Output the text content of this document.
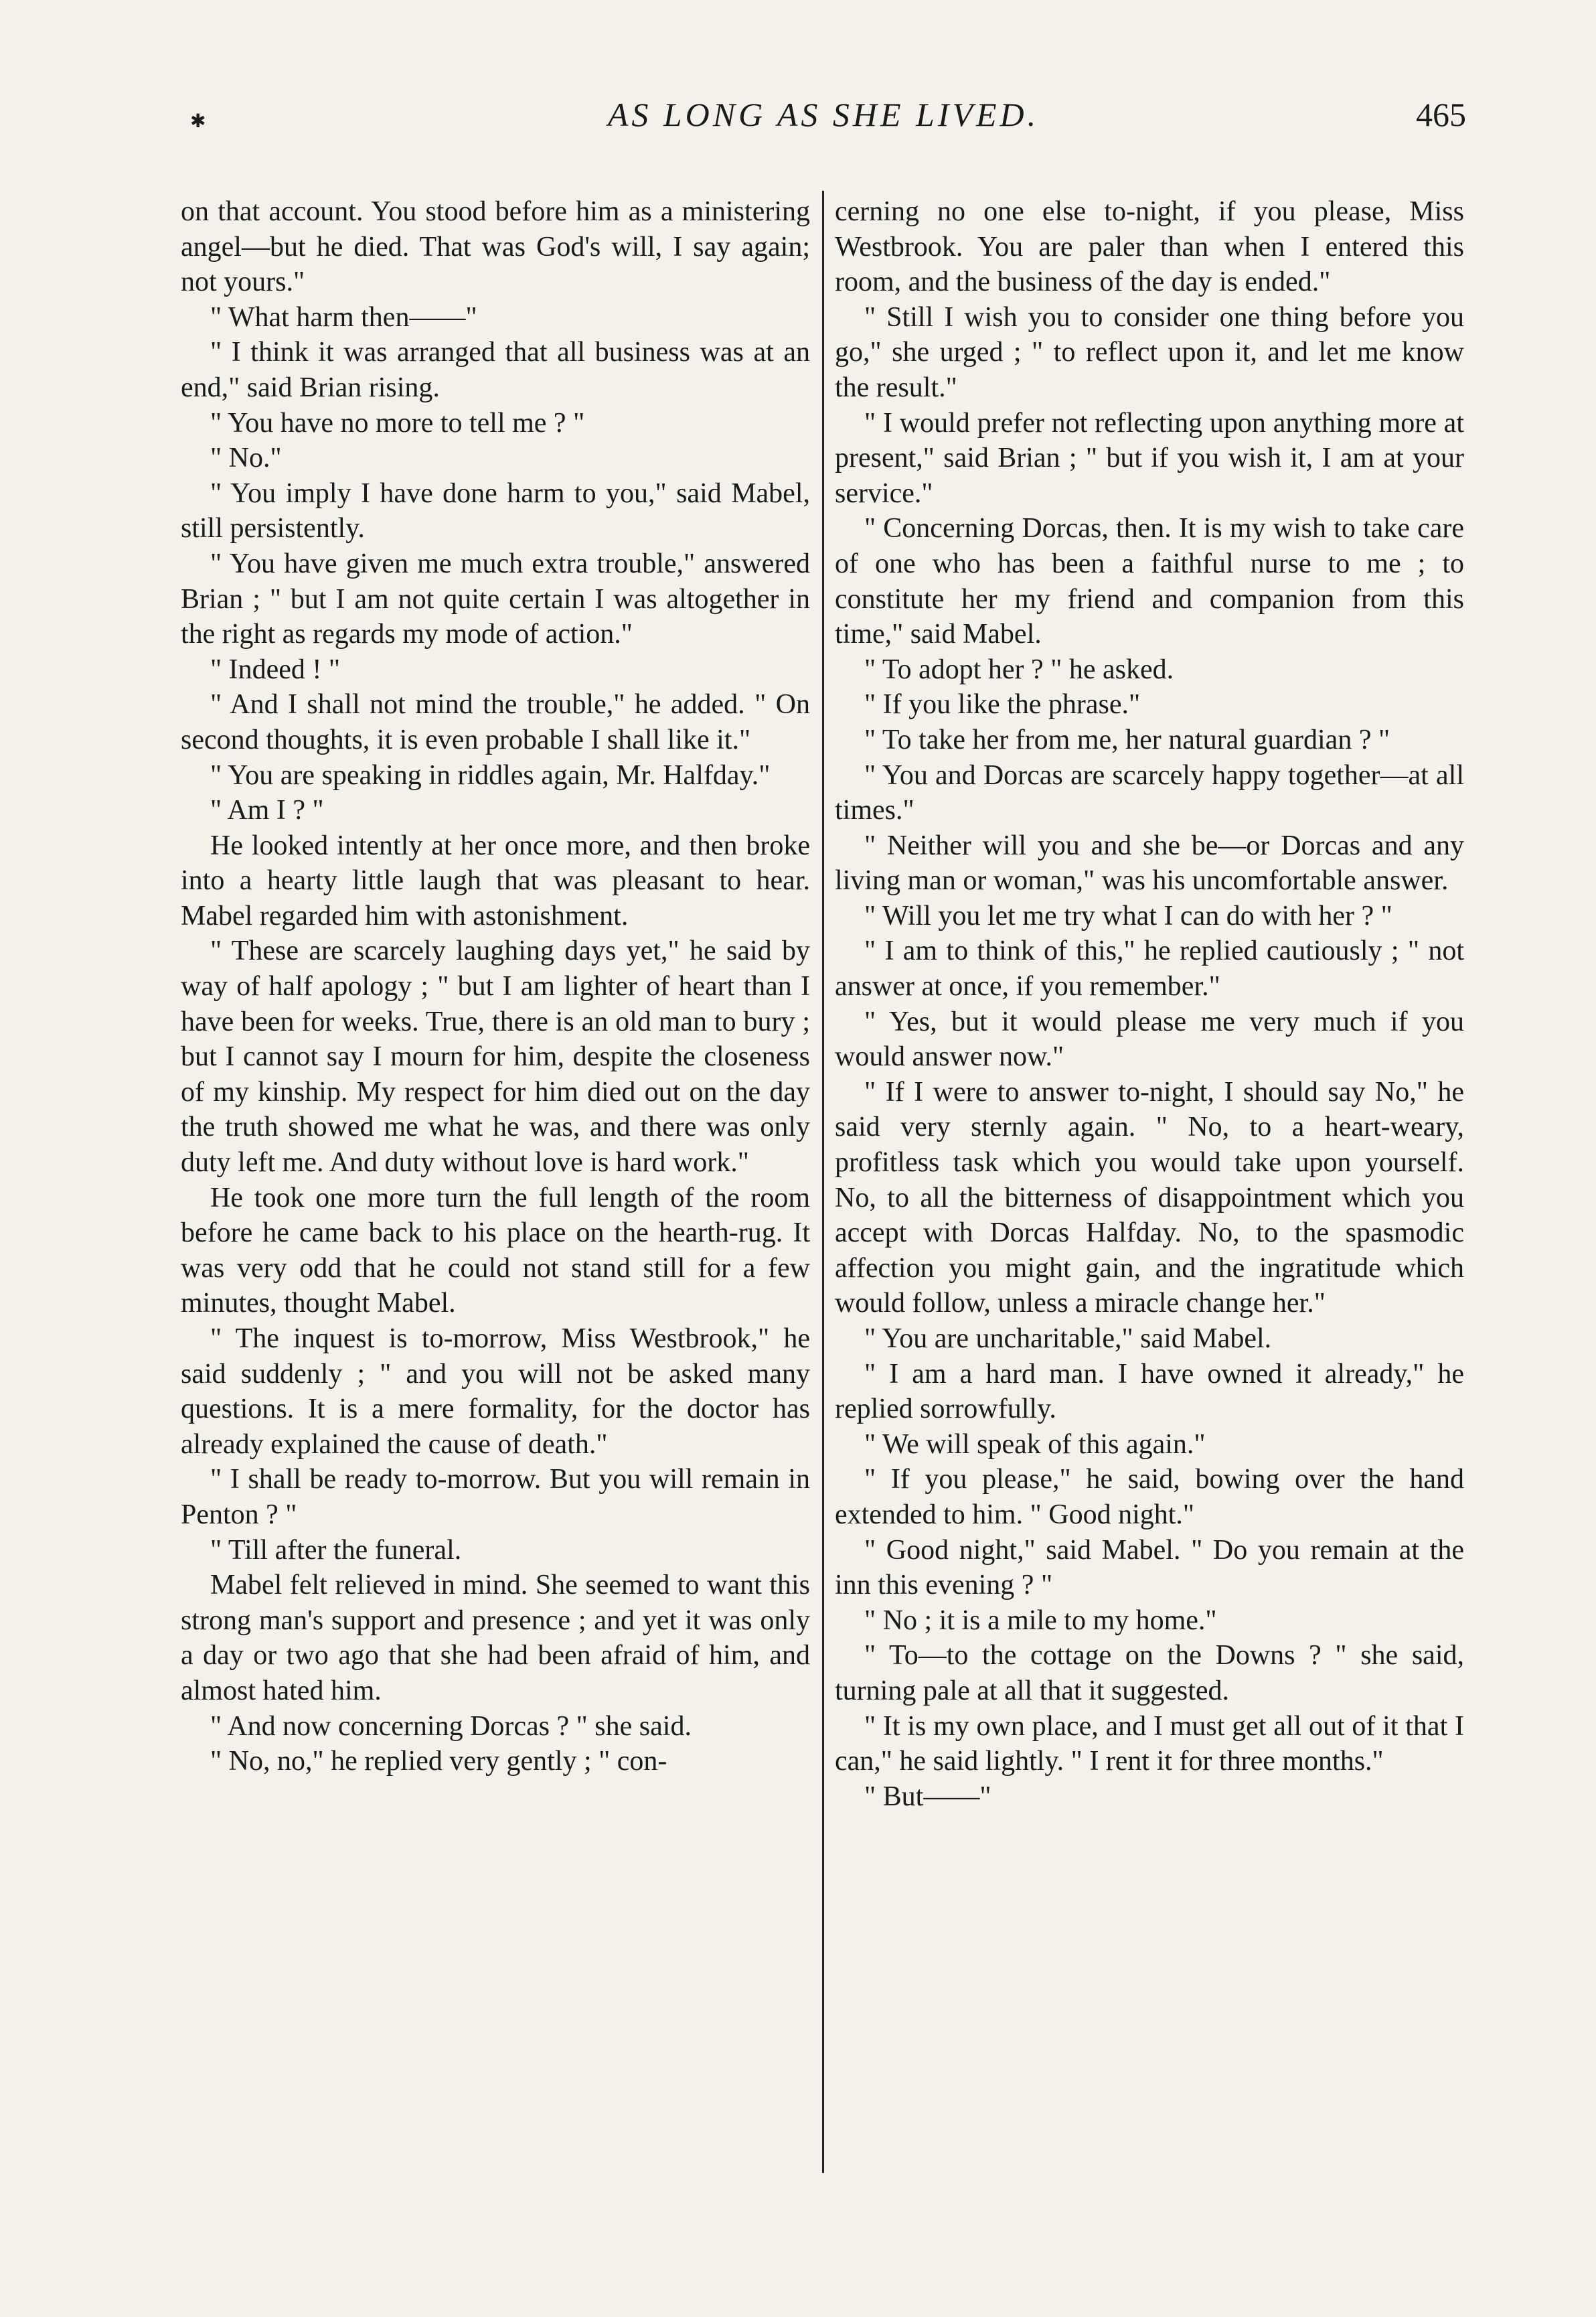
✱	AS LONG AS SHE LIVED.	465

on that account. You stood before him as a ministering angel—but he died. That was God's will, I say again; not yours."

" What harm then——"

" I think it was arranged that all business was at an end," said Brian rising.

" You have no more to tell me ? "

" No."

" You imply I have done harm to you," said Mabel, still persistently.

" You have given me much extra trouble," answered Brian ; " but I am not quite certain I was altogether in the right as regards my mode of action."

" Indeed ! "

" And I shall not mind the trouble," he added. " On second thoughts, it is even probable I shall like it."

" You are speaking in riddles again, Mr. Halfday."

" Am I ? "

He looked intently at her once more, and then broke into a hearty little laugh that was pleasant to hear. Mabel regarded him with astonishment.

" These are scarcely laughing days yet," he said by way of half apology ; " but I am lighter of heart than I have been for weeks. True, there is an old man to bury ; but I cannot say I mourn for him, despite the closeness of my kinship. My respect for him died out on the day the truth showed me what he was, and there was only duty left me. And duty without love is hard work."

He took one more turn the full length of the room before he came back to his place on the hearth-rug. It was very odd that he could not stand still for a few minutes, thought Mabel.

" The inquest is to-morrow, Miss Westbrook," he said suddenly ; " and you will not be asked many questions. It is a mere formality, for the doctor has already explained the cause of death."

" I shall be ready to-morrow. But you will remain in Penton ? "

" Till after the funeral.

Mabel felt relieved in mind. She seemed to want this strong man's support and presence ; and yet it was only a day or two ago that she had been afraid of him, and almost hated him.

" And now concerning Dorcas ? " she said.

" No, no," he replied very gently ; " con-

cerning no one else to-night, if you please, Miss Westbrook. You are paler than when I entered this room, and the business of the day is ended."

" Still I wish you to consider one thing before you go," she urged ; " to reflect upon it, and let me know the result."

" I would prefer not reflecting upon anything more at present," said Brian ; " but if you wish it, I am at your service."

" Concerning Dorcas, then. It is my wish to take care of one who has been a faithful nurse to me ; to constitute her my friend and companion from this time," said Mabel.

" To adopt her ? " he asked.

" If you like the phrase."

" To take her from me, her natural guardian ? "

" You and Dorcas are scarcely happy together—at all times."

" Neither will you and she be—or Dorcas and any living man or woman," was his uncomfortable answer.

" Will you let me try what I can do with her ? "

" I am to think of this," he replied cautiously ; " not answer at once, if you remember."

" Yes, but it would please me very much if you would answer now."

" If I were to answer to-night, I should say No," he said very sternly again. " No, to a heart-weary, profitless task which you would take upon yourself. No, to all the bitterness of disappointment which you accept with Dorcas Halfday. No, to the spasmodic affection you might gain, and the ingratitude which would follow, unless a miracle change her."

" You are uncharitable," said Mabel.

" I am a hard man. I have owned it already," he replied sorrowfully.

" We will speak of this again."

" If you please," he said, bowing over the hand extended to him. " Good night."

" Good night," said Mabel. " Do you remain at the inn this evening ? "

" No ; it is a mile to my home."

" To—to the cottage on the Downs ? " she said, turning pale at all that it suggested.

" It is my own place, and I must get all out of it that I can," he said lightly. " I rent it for three months."

" But——"
